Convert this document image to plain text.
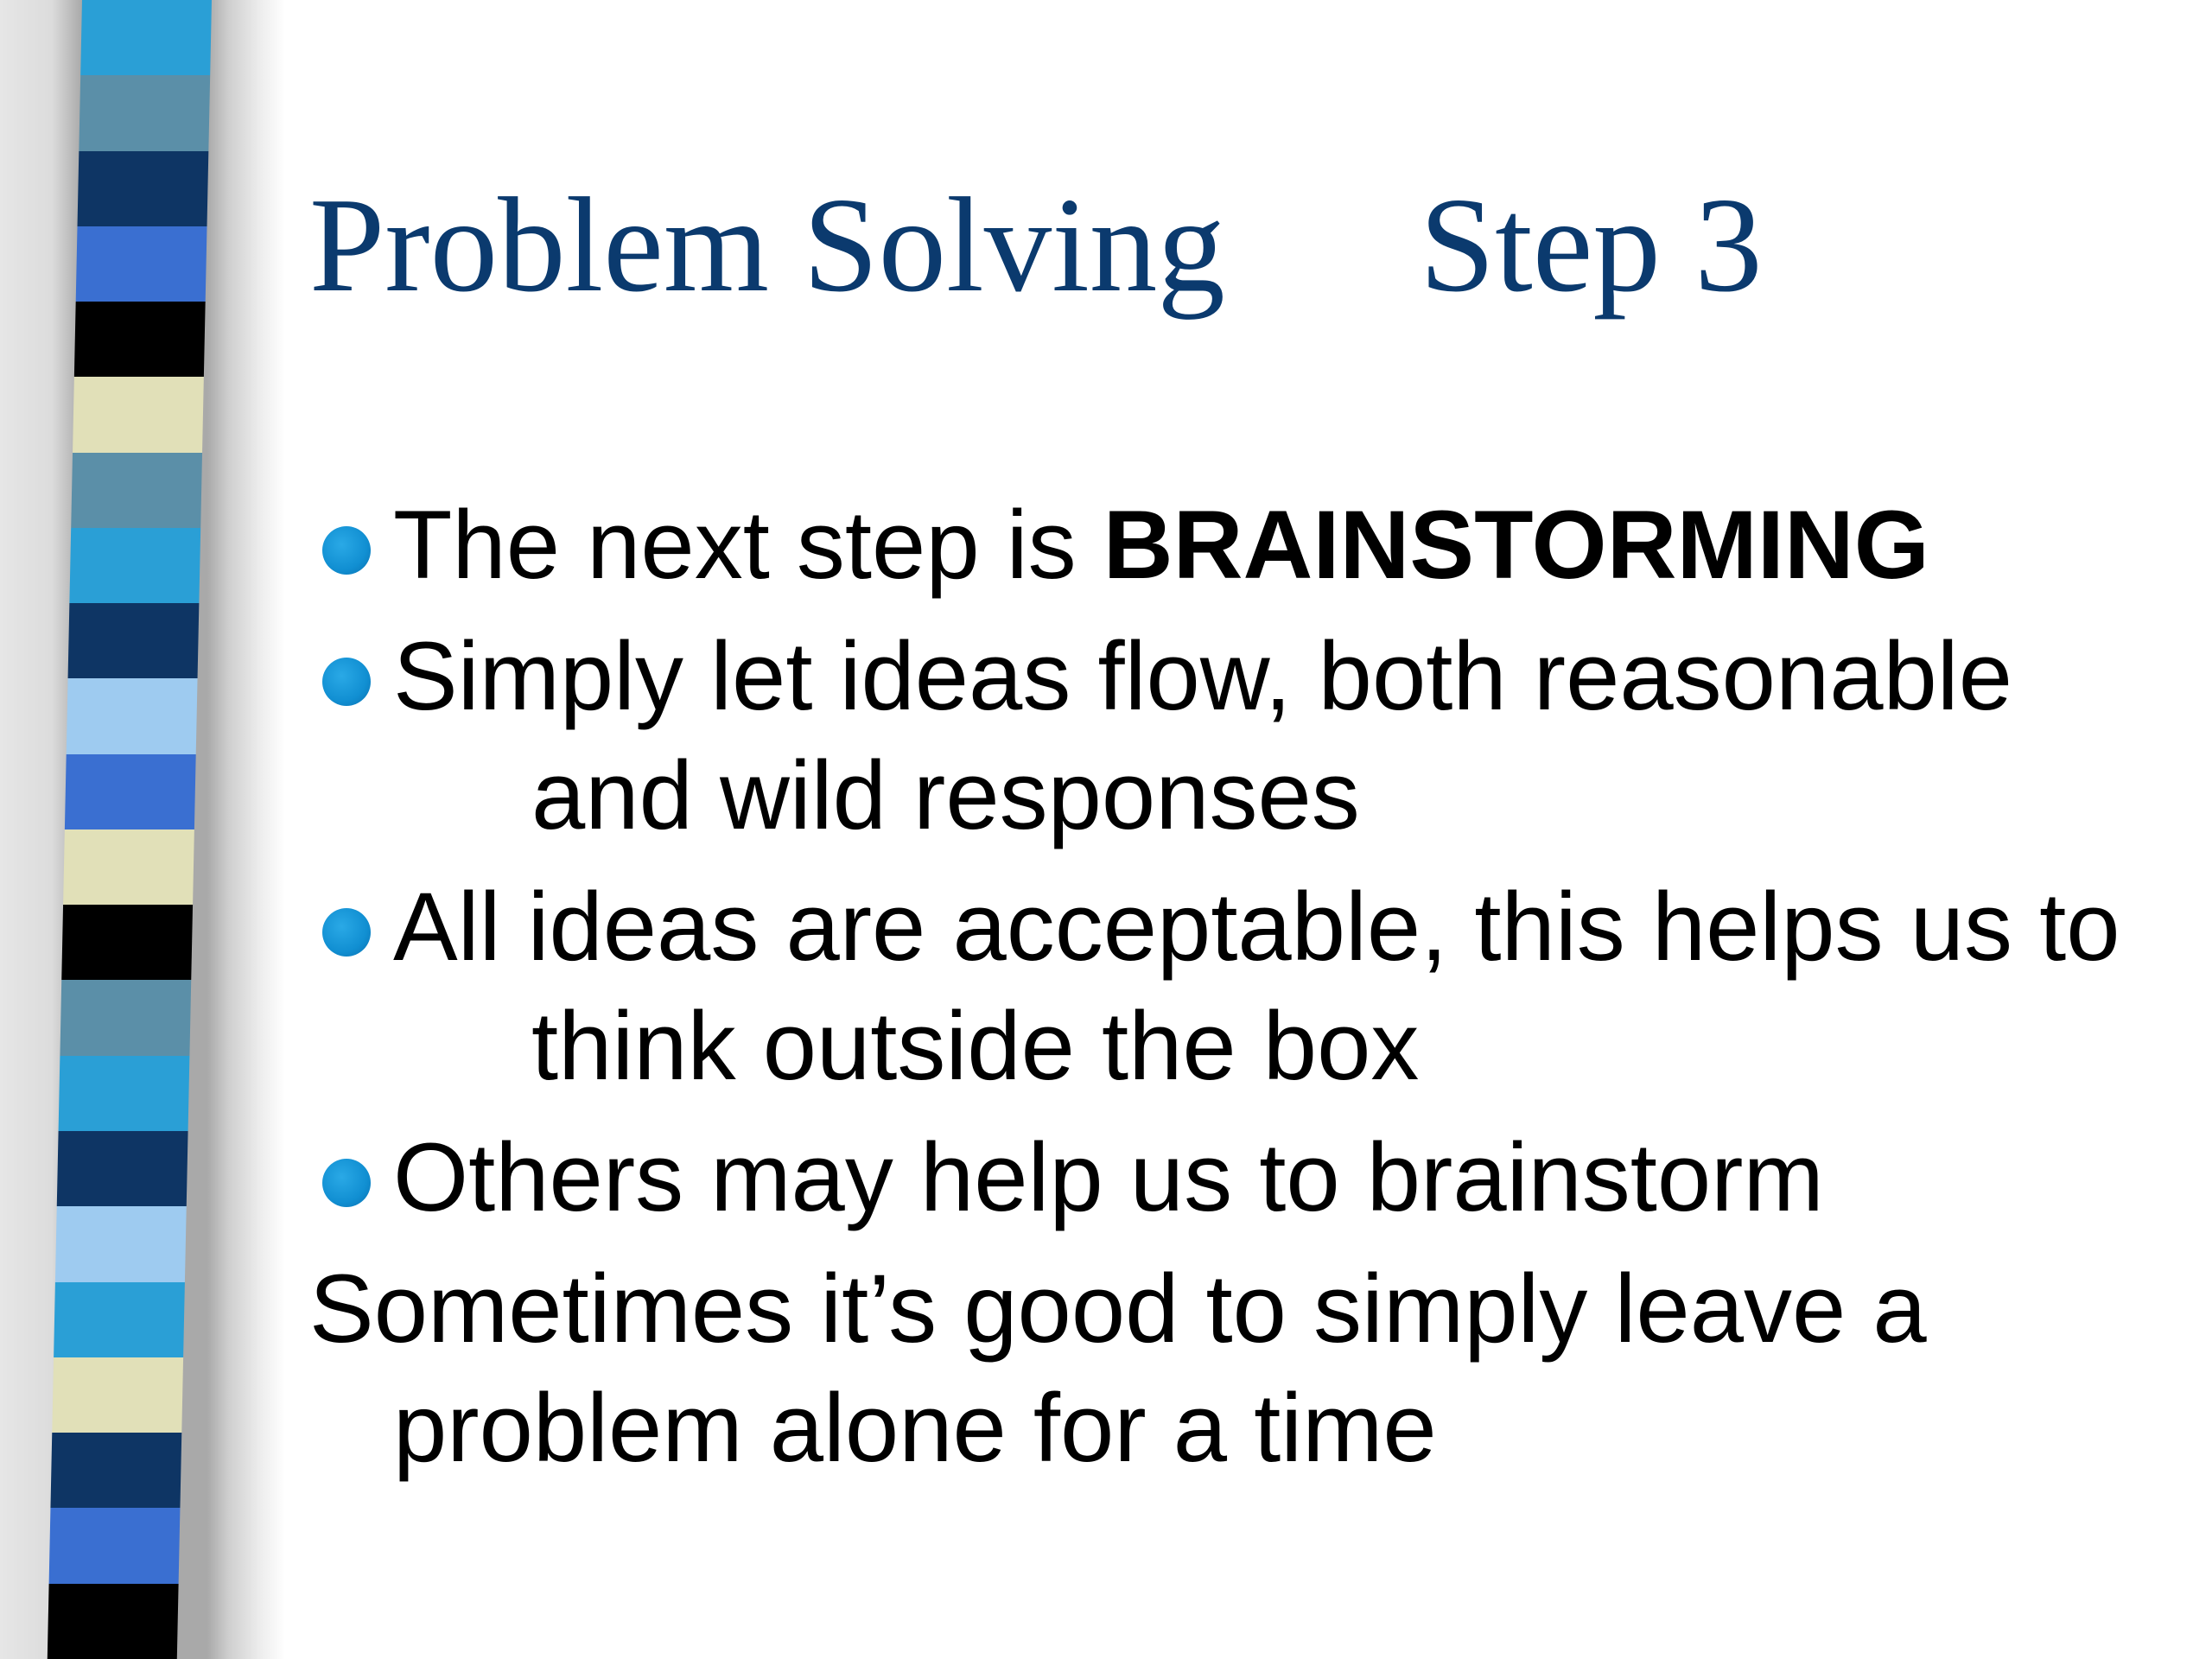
Problem Solving Step 3
The next step is BRAINSTORMING
Simply let ideas flow, both reasonable
and wild responses
All ideas are acceptable, this helps us to
think outside the box
Others may help us to brainstorm
Sometimes it’s good to simply leave a
problem alone for a time
